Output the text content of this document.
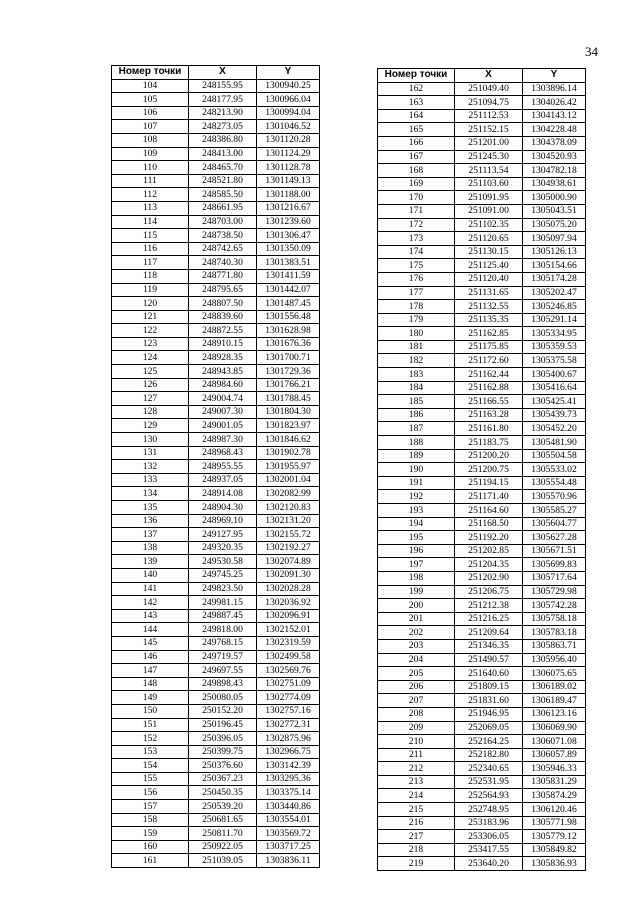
34
Номер точки	X	Y
104	248155.95	1300940.25
105	248177.95	1300966.04
106	248213.90	1300994.04
107	248273.05	1301046.52
108	248386.80	1301120.28
109	248413.00	1301124.29
110	248465.70	1301128.78
111	248521.80	1301149.13
112	248585.50	1301188.00
113	248661.95	1301216.67
114	248703.00	1301239.60
115	248738.50	1301306.47
116	248742.65	1301350.09
117	248740.30	1301383.51
118	248771.80	1301411.59
119	248795.65	1301442.07
120	248807.50	1301487.45
121	248839.60	1301556.48
122	248872.55	1301628.98
123	248910.15	1301676.36
124	248928.35	1301700.71
125	248943.85	1301729.36
126	248984.60	1301766.21
127	249004.74	1301788.45
128	249007.30	1301804.30
129	249001.05	1301823.97
130	248987.30	1301846.62
131	248968.43	1301902.78
132	248955.55	1301955.97
133	248937.05	1302001.04
134	248914.08	1302082.99
135	248904.30	1302120.83
136	248969.10	1302131.20
137	249127.95	1302155.72
138	249320.35	1302192.27
139	249530.58	1302074.89
140	249745.25	1302091.30
141	249823.50	1302028.28
142	249981.15	1302036.92
143	249887.45	1302096.91
144	249818.00	1302152.01
145	249768.15	1302319.59
146	249719.57	1302499.58
147	249697.55	1302569.76
148	249898.43	1302751.09
149	250080.05	1302774.09
150	250152.20	1302757.16
151	250196.45	1302772.31
152	250396.05	1302875.96
153	250399.75	1302966.75
154	250376.60	1303142.39
155	250367.23	1303295.36
156	250450.35	1303375.14
157	250539.20	1303440.86
158	250681.65	1303554.01
159	250811.70	1303569.72
160	250922.05	1303717.25
161	251039.05	1303836.11
Номер точки	X	Y
162	251049.40	1303896.14
163	251094.75	1304026.42
164	251112.53	1304143.12
165	251152.15	1304228.48
166	251201.00	1304378.09
167	251245.30	1304520.93
168	251113.54	1304782.18
169	251103.60	1304938.61
170	251091.95	1305000.90
171	251091.00	1305043.51
172	251102.35	1305075.20
173	251120.65	1305097.94
174	251130.15	1305126.13
175	251125.40	1305154.66
176	251120.40	1305174.28
177	251131.65	1305202.47
178	251132.55	1305246.85
179	251135.35	1305291.14
180	251162.85	1305334.95
181	251175.85	1305359.53
182	251172.60	1305375.58
183	251162.44	1305400.67
184	251162.88	1305416.64
185	251166.55	1305425.41
186	251163.28	1305439.73
187	251161.80	1305452.20
188	251183.75	1305481.90
189	251200.20	1305504.58
190	251200.75	1305533.02
191	251194.15	1305554.48
192	251171.40	1305570.96
193	251164.60	1305585.27
194	251168.50	1305604.77
195	251192.20	1305627.28
196	251202.85	1305671.51
197	251204.35	1305699.83
198	251202.90	1305717.64
199	251206.75	1305729.98
200	251212.38	1305742.28
201	251216.25	1305758.18
202	251209.64	1305783.18
203	251346.35	1305863.71
204	251490.57	1305956.40
205	251640.60	1306075.65
206	251809.15	1306189.02
207	251831.60	1306189.47
208	251946.95	1306123.16
209	252069.05	1306069.90
210	252164.25	1306071.08
211	252182.80	1306057.89
212	252340.65	1305946.33
213	252531.95	1305831.29
214	252564.93	1305874.29
215	252748.95	1306120.46
216	253183.96	1305771.98
217	253306.05	1305779.12
218	253417.55	1305849.82
219	253640.20	1305836.93
